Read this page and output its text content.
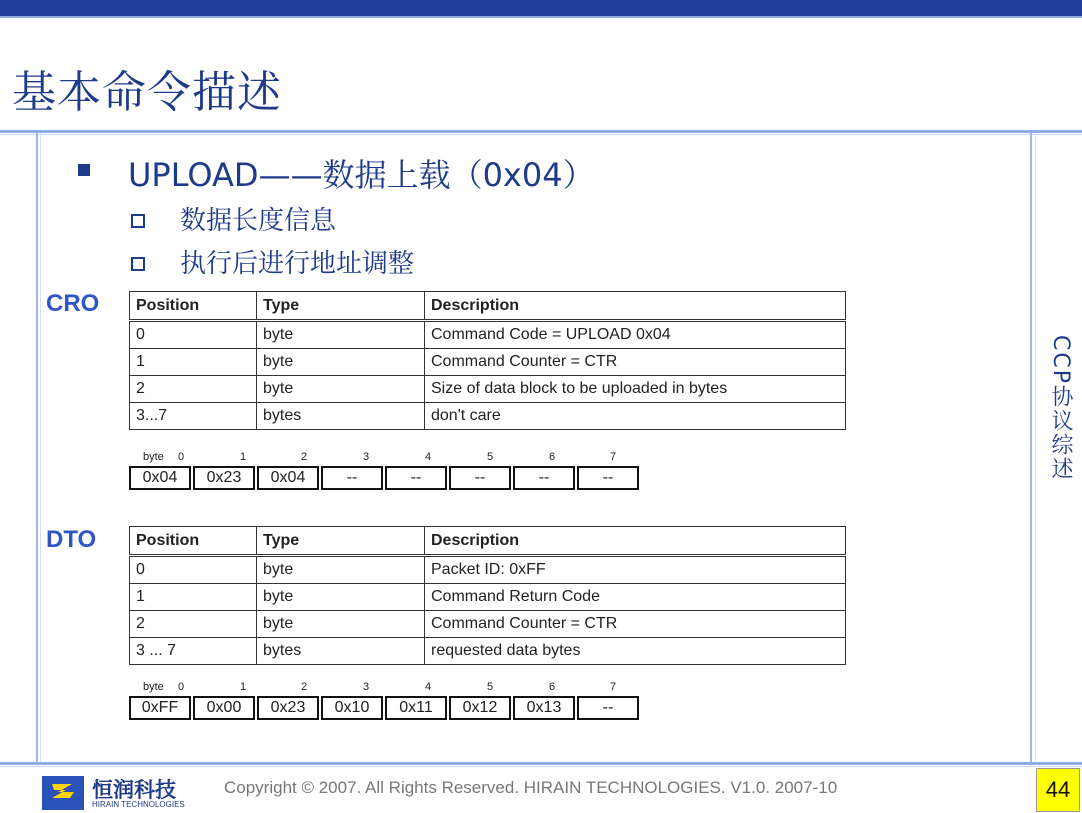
基本命令描述
CCP协议综述
UPLOAD——数据上载（0x04）
数据长度信息
执行后进行地址调整
CRO Position	Type	Description
0	byte	Command Code = UPLOAD 0x04
1	byte	Command Counter = CTR
2	byte	Size of data block to be uploaded in bytes
3...7	bytes	don't care
byte 0	1	2	3	4	5	6	7
0x04	0x23	0x04	--	--	--	--	--
DTO Position	Type	Description
0	byte	Packet ID: 0xFF
1	byte	Command Return Code
2	byte	Command Counter = CTR
3 ... 7	bytes	requested data bytes
byte 0	1	2	3	4	5	6	7
0xFF	0x00	0x23	0x10	0x11	0x12	0x13	--
恒润科技
HIRAIN TECHNOLOGIES
Copyright © 2007. All Rights Reserved. HIRAIN TECHNOLOGIES. V1.0. 2007-10	44
